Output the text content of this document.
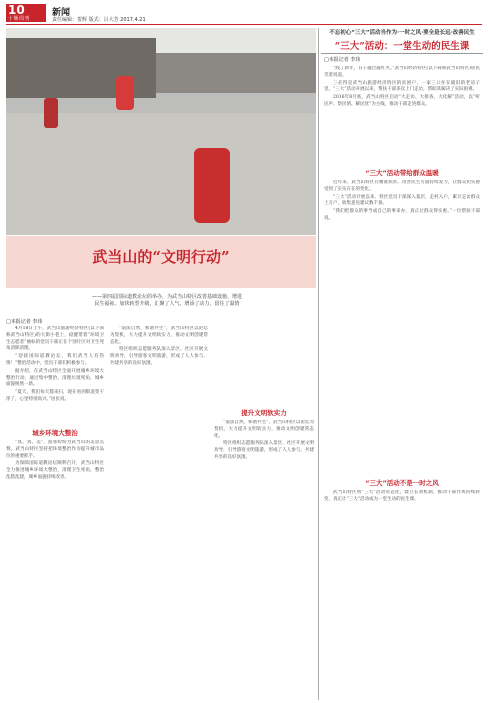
10
十堰周刊
新闻
责任编辑：贺辉 版式：吕大芳 2017.4.21
武当山的“文明行动”
——第四届国际道教论坛的举办，为武当山特区改善基础设施、增进民生福祉、加快转型升级，汇聚了人气、增添了动力，留住了温情
□本报记者 李玮

4月18日上午，武当山旅游经济特区(以下简称武当山特区)的大街小巷上，稳健带着“环境卫生志愿者”袖标的党员干部正在个别片区对卫生死角清除清理。

“迎接国际道教论坛，我们武当人有热情！”整治活动中，党员干部们积极参与。

据介绍，在武当山特区全面开展城乡环境大整治行动，通过集中整治、清理垃圾死角，城乡面貌焕然一新。

“夏天，我们每天都来扫，现在看到街道变干净了，心里特别高兴。”居民说。

城乡环境大整治

“真、真、美”，游客纷纷为武当山的美景点赞。武当山特区坚持把环境整治作为提升城市品位的重要抓手。

为保障国际道教论坛顺利召开，武当山特区全力推进城乡环境大整治，清理卫生死角，整治乱搭乱建，城乡面貌持续改善。

“道法自然，和谐共生”，武当山特区以论坛为契机，大力提升文明软实力，推动文明创建常态化。

特区组织志愿服务队深入景区、社区开展文明劝导，引导游客文明旅游，形成了人人参与、共建共享的良好氛围。

提升文明软实力

“道法自然，和谐共生”，武当山特区以论坛为契机，大力提升文明软实力，推动文明创建常态化。

特区组织志愿服务队深入景区、社区开展文明劝导，引导游客文明旅游，形成了人人参与、共建共享的良好氛围。

不忘初心“三大”活动当作为·一时之风·要全是长远·改善民生
“三大”活动：一堂生动的民生课
□本报记者 李玮

“践了新年，日子越过越红火。”武当山经济特区(以下简称武当山特区)居民笑着说道。

三必得是武当山旅游经济特区的贫困户，一家三口住在破旧的老房子里。“三大”活动开展以来，帮扶干部多次上门走访，帮助其解决了实际困难。

2016年8月底，武当山特区启动“大走访、大排查、大化解”活动，以“听民声、察民情、解民忧”为主线，推动干部走进群众。

“三大”活动带给群众温暖

近年来，武当山特区在精准扶贫、改善民生方面持续发力，让群众切实感受到了实实在在的变化。

“三大”活动开展以来，特区党员干部深入基层，走村入户，累计走访群众上万户，收集意见建议数千条。

“我们把群众的事当成自己的事来办，真正让群众得实惠。”一位帮扶干部说。

“三大”活动不是一时之风

武当山特区将“三大”活动常态化，建立长效机制，推动干部作风持续转变，真正让“三大”活动成为一堂生动的民生课。
